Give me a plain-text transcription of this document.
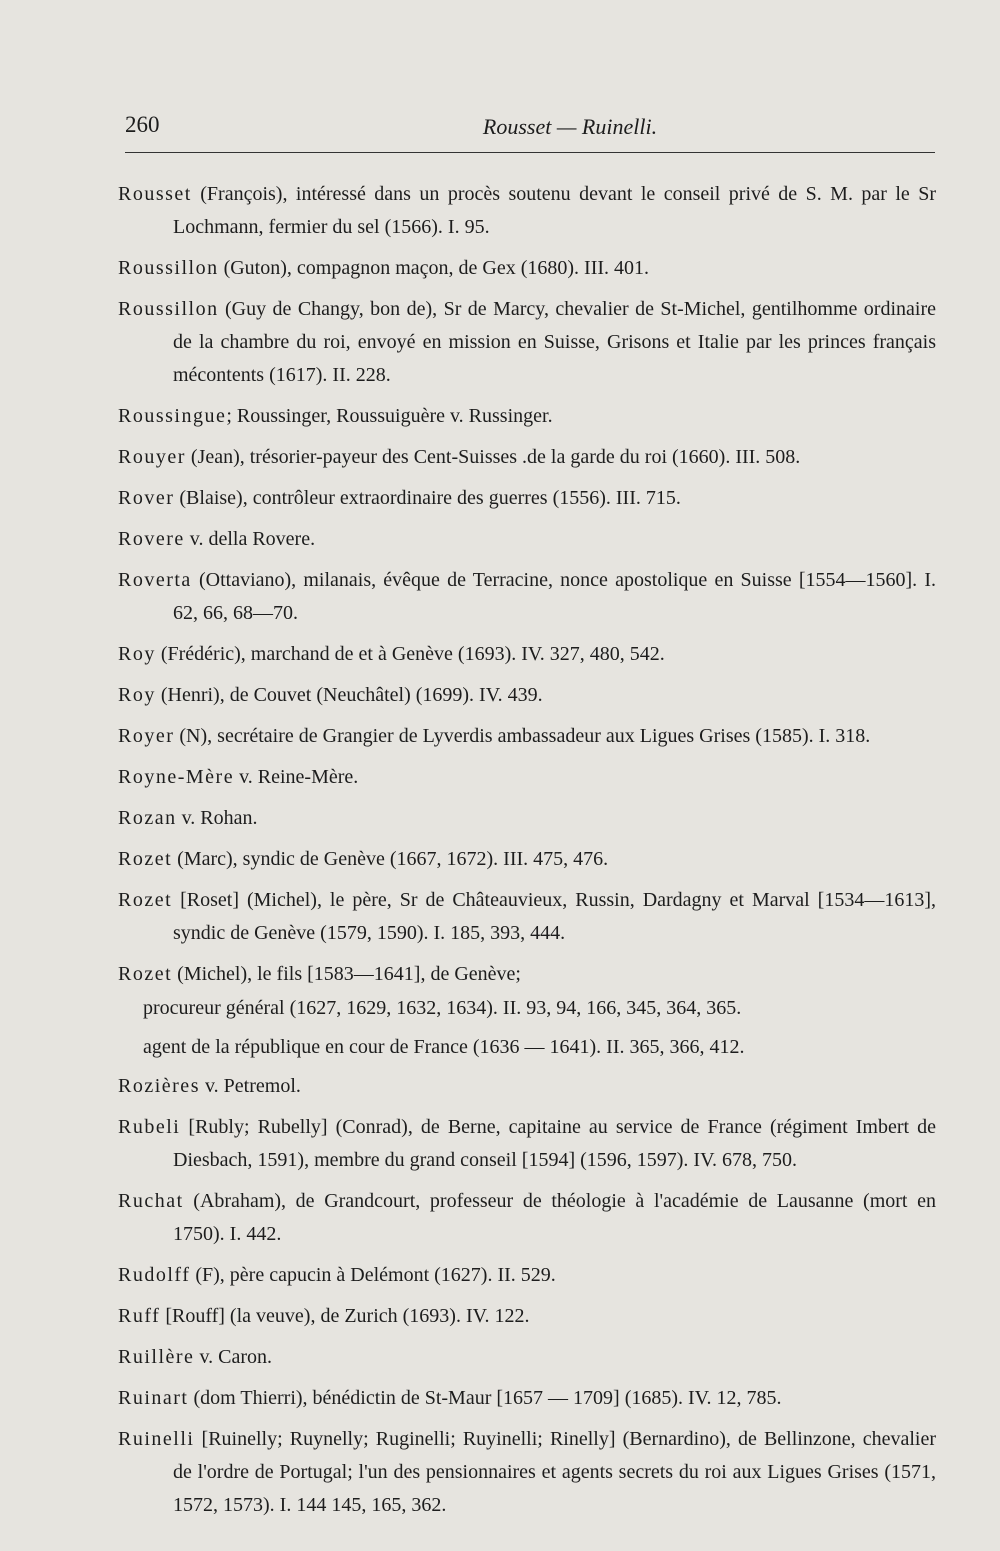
260	Rousset — Ruinelli.

Rousset (François), intéressé dans un procès soutenu devant le conseil privé de S. M. par le Sr Lochmann, fermier du sel (1566). I. 95.

Roussillon (Guton), compagnon maçon, de Gex (1680). III. 401.

Roussillon (Guy de Changy, bon de), Sr de Marcy, chevalier de St-Michel, gentilhomme ordinaire de la chambre du roi, envoyé en mission en Suisse, Grisons et Italie par les princes français mécontents (1617). II. 228.

Roussingue; Roussinger, Roussuiguère v. Russinger.

Rouyer (Jean), trésorier-payeur des Cent-Suisses .de la garde du roi (1660). III. 508.

Rover (Blaise), contrôleur extraordinaire des guerres (1556). III. 715.

Rovere v. della Rovere.

Roverta (Ottaviano), milanais, évêque de Terracine, nonce apostolique en Suisse [1554—1560]. I. 62, 66, 68—70.

Roy (Frédéric), marchand de et à Genève (1693). IV. 327, 480, 542.

Roy (Henri), de Couvet (Neuchâtel) (1699). IV. 439.

Royer (N), secrétaire de Grangier de Lyverdis ambassadeur aux Ligues Grises (1585). I. 318.

Royne-Mère v. Reine-Mère.

Rozan v. Rohan.

Rozet (Marc), syndic de Genève (1667, 1672). III. 475, 476.

Rozet [Roset] (Michel), le père, Sr de Châteauvieux, Russin, Dardagny et Marval [1534—1613], syndic de Genève (1579, 1590). I. 185, 393, 444.

Rozet (Michel), le fils [1583—1641], de Genève;

procureur général (1627, 1629, 1632, 1634). II. 93, 94, 166, 345, 364, 365.

agent de la république en cour de France (1636 — 1641). II. 365, 366, 412.

Rozières v. Petremol.

Rubeli [Rubly; Rubelly] (Conrad), de Berne, capitaine au service de France (régiment Imbert de Diesbach, 1591), membre du grand conseil [1594] (1596, 1597). IV. 678, 750.

Ruchat (Abraham), de Grandcourt, professeur de théologie à l'académie de Lausanne (mort en 1750). I. 442.

Rudolff (F), père capucin à Delémont (1627). II. 529.

Ruff [Rouff] (la veuve), de Zurich (1693). IV. 122.

Ruillère v. Caron.

Ruinart (dom Thierri), bénédictin de St-Maur [1657 — 1709] (1685). IV. 12, 785.

Ruinelli [Ruinelly; Ruynelly; Ruginelli; Ruyinelli; Rinelly] (Bernardino), de Bellinzone, chevalier de l'ordre de Portugal; l'un des pensionnaires et agents secrets du roi aux Ligues Grises (1571, 1572, 1573). I. 144 145, 165, 362.
